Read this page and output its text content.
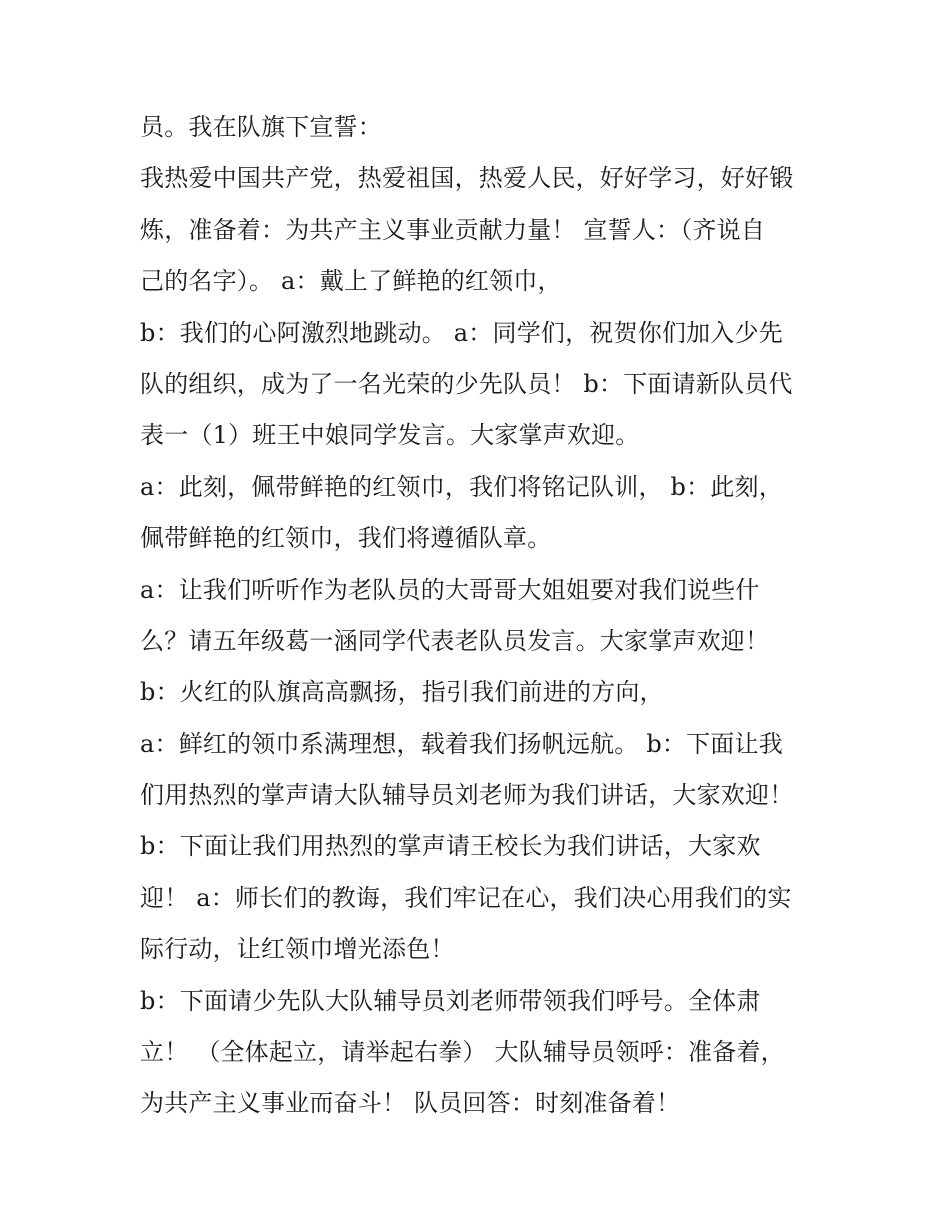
员。我在队旗下宣誓：
我热爱中国共产党，热爱祖国，热爱人民，好好学习，好好锻
炼，准备着：为共产主义事业贡献力量！ 宣誓人：（齐说自
己的名字）。 a：戴上了鲜艳的红领巾，
b：我们的心阿激烈地跳动。 a：同学们，祝贺你们加入少先
队的组织，成为了一名光荣的少先队员！ b：下面请新队员代
表一（1）班王中娘同学发言。大家掌声欢迎。
a：此刻，佩带鲜艳的红领巾，我们将铭记队训， b：此刻，
佩带鲜艳的红领巾，我们将遵循队章。
a：让我们听听作为老队员的大哥哥大姐姐要对我们说些什
么？请五年级葛一涵同学代表老队员发言。大家掌声欢迎！
b：火红的队旗高高飘扬，指引我们前进的方向，
a：鲜红的领巾系满理想，载着我们扬帆远航。 b：下面让我
们用热烈的掌声请大队辅导员刘老师为我们讲话，大家欢迎！
b：下面让我们用热烈的掌声请王校长为我们讲话，大家欢
迎！ a：师长们的教诲，我们牢记在心，我们决心用我们的实
际行动，让红领巾增光添色！
b：下面请少先队大队辅导员刘老师带领我们呼号。全体肃
立！ （全体起立，请举起右拳） 大队辅导员领呼：准备着，
为共产主义事业而奋斗！ 队员回答：时刻准备着！
